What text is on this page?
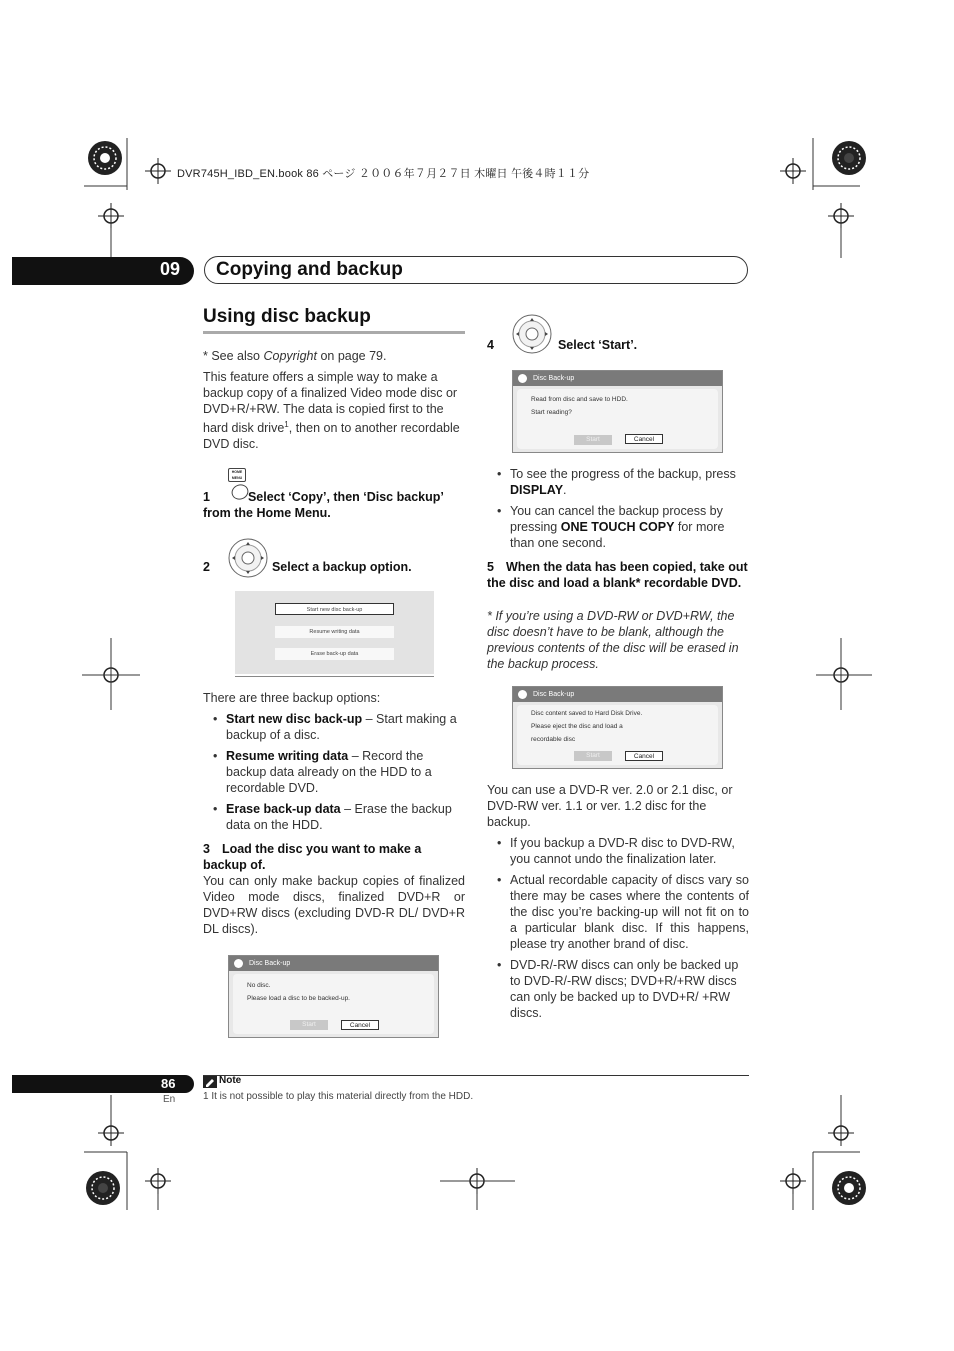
DVR745H_IBD_EN.book 86 ページ ２００６年７月２７日 木曜日 午後４時１１分
09 Copying and backup
Using disc backup
* See also Copyright on page 79.
This feature offers a simple way to make a backup copy of a finalized Video mode disc or DVD+R/+RW. The data is copied first to the hard disk drive$^1$, then on to another recordable DVD disc.
HOME MENU
1	Select ‘Copy’, then ‘Disc backup’ from the Home Menu.
2	Select a backup option.
Start new disc back-up
Resume writing data
Erase back-up data
There are three backup options:
• Start new disc back-up – Start making a backup of a disc.
• Resume writing data – Record the backup data already on the HDD to a recordable DVD.
• Erase back-up data – Erase the backup data on the HDD.
3 Load the disc you want to make a backup of.
You can only make backup copies of finalized Video mode discs, finalized DVD+R or DVD+RW discs (excluding DVD-R DL/ DVD+R DL discs).
Disc Back-up
No disc.
Please load a disc to be backed-up.
Start	Cancel
4	Select ‘Start’.
Disc Back-up
Read from disc and save to HDD.
Start reading?
Start	Cancel
• To see the progress of the backup, press DISPLAY.
• You can cancel the backup process by pressing ONE TOUCH COPY for more than one second.
5 When the data has been copied, take out the disc and load a blank* recordable DVD.
* If you’re using a DVD-RW or DVD+RW, the disc doesn’t have to be blank, although the previous contents of the disc will be erased in the backup process.
Disc Back-up
Disc content saved to Hard Disk Drive.
Please eject the disc and load a
recordable disc
Start	Cancel
You can use a DVD-R ver. 2.0 or 2.1 disc, or DVD-RW ver. 1.1 or ver. 1.2 disc for the backup.
• If you backup a DVD-R disc to DVD-RW, you cannot undo the finalization later.
• Actual recordable capacity of discs vary so there may be cases where the contents of the disc you’re backing-up will not fit on to a particular blank disc. If this happens, please try another brand of disc.
• DVD-R/-RW discs can only be backed up to DVD-R/-RW discs; DVD+R/+RW discs can only be backed up to DVD+R/ +RW discs.
86
En
Note
1 It is not possible to play this material directly from the HDD.
